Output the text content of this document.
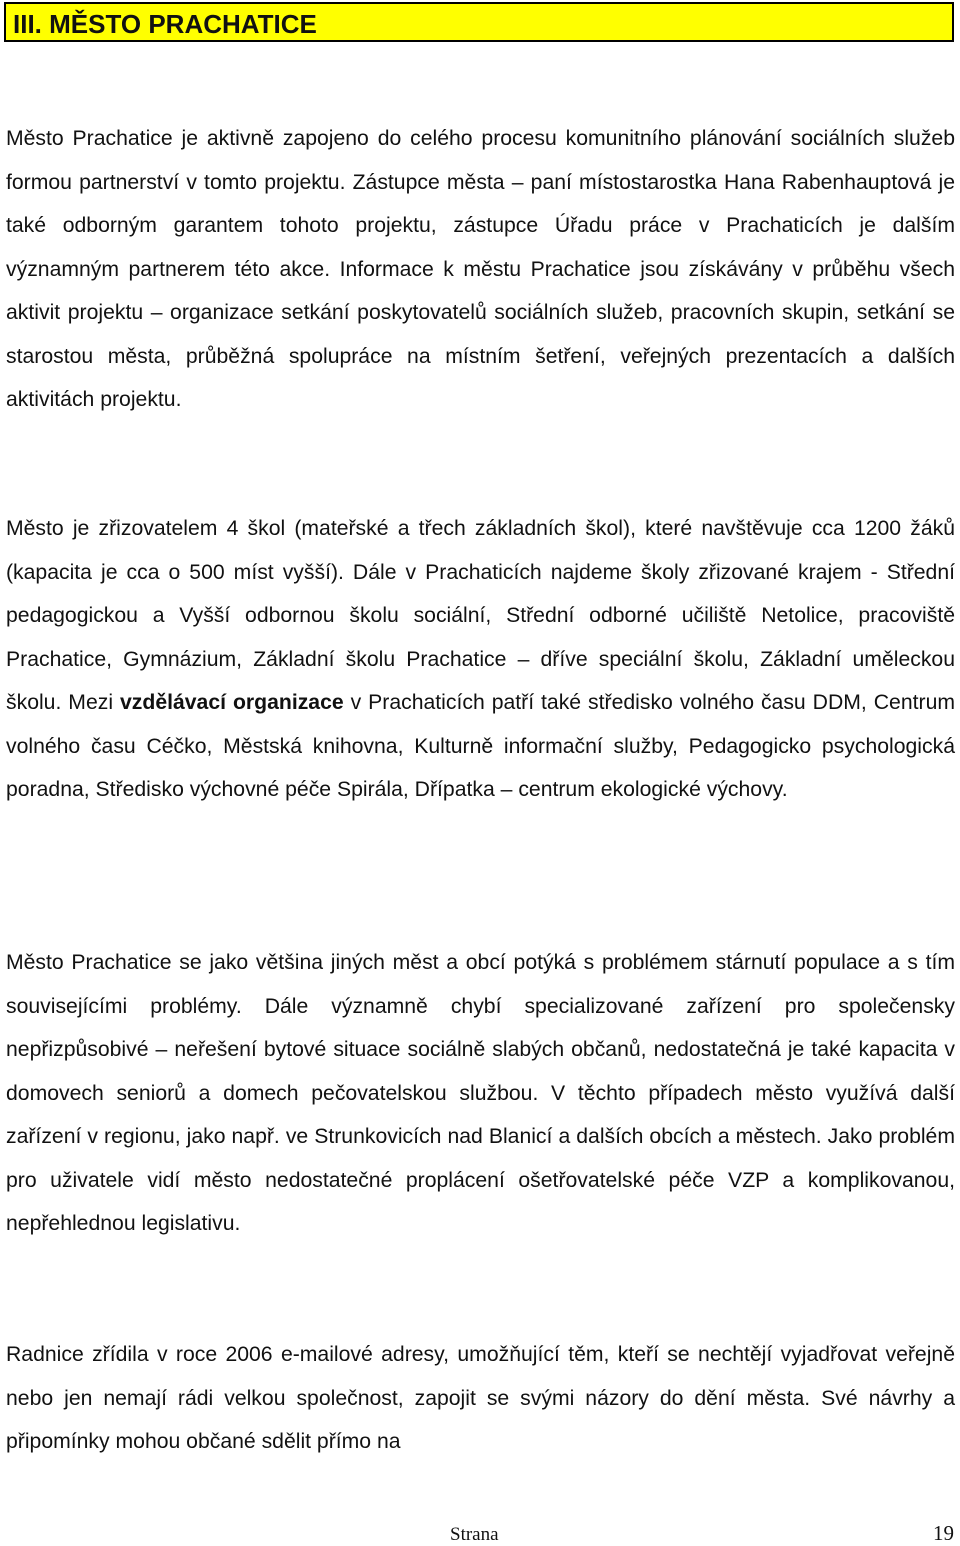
III. MĚSTO PRACHATICE

Město Prachatice je aktivně zapojeno do celého procesu komunitního plánování sociálních služeb formou partnerství v tomto projektu. Zástupce města – paní místostarostka Hana Rabenhauptová je také odborným garantem tohoto projektu, zástupce Úřadu práce v Prachaticích je dalším významným partnerem této akce. Informace k městu Prachatice jsou získávány v průběhu všech aktivit projektu – organizace setkání poskytovatelů sociálních služeb, pracovních skupin, setkání se starostou města, průběžná spolupráce na místním šetření, veřejných prezentacích a dalších aktivitách projektu.

Město je zřizovatelem 4 škol (mateřské a třech základních škol), které navštěvuje cca 1200 žáků (kapacita je cca o 500 míst vyšší). Dále v Prachaticích najdeme školy zřizované krajem - Střední pedagogickou a Vyšší odbornou školu sociální, Střední odborné učiliště Netolice, pracoviště Prachatice, Gymnázium, Základní školu Prachatice – dříve speciální školu, Základní uměleckou školu. Mezi vzdělávací organizace v Prachaticích patří také středisko volného času DDM, Centrum volného času Céčko, Městská knihovna, Kulturně informační služby, Pedagogicko psychologická poradna, Středisko výchovné péče Spirála, Dřípatka – centrum ekologické výchovy.

Město Prachatice se jako většina jiných měst a obcí potýká s problémem stárnutí populace a s tím souvisejícími problémy. Dále významně chybí specializované zařízení pro společensky nepřizpůsobivé – neřešení bytové situace sociálně slabých občanů, nedostatečná je také kapacita v domovech seniorů a domech pečovatelskou službou. V těchto případech město využívá další zařízení v regionu, jako např. ve Strunkovicích nad Blanicí a dalších obcích a městech. Jako problém pro uživatele vidí město nedostatečné proplácení ošetřovatelské péče VZP a komplikovanou, nepřehlednou legislativu.

Radnice zřídila v roce 2006 e-mailové adresy, umožňující těm, kteří se nechtějí vyjadřovat veřejně nebo jen nemají rádi velkou společnost, zapojit se svými názory do dění města. Své návrhy a připomínky mohou občané sdělit přímo na

Strana	19
